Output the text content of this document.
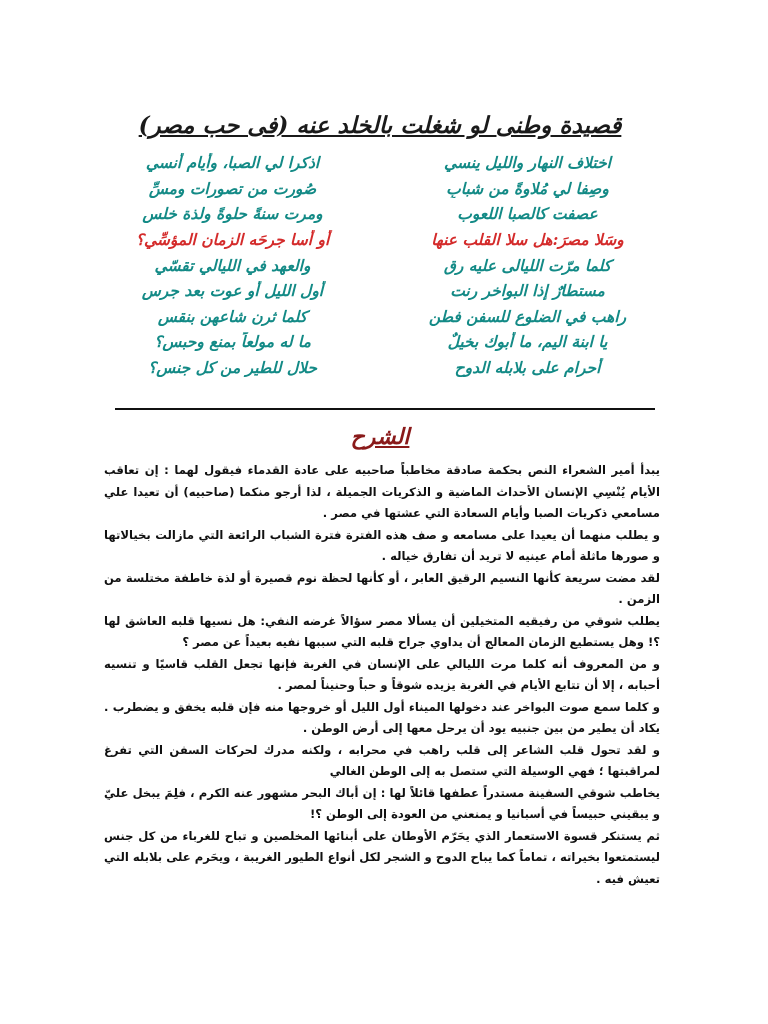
قصيدة وطنى لو شغلت بالخلد عنه (فى حب مصر)
اختلاف النهار والليل ينسي
اذكرا لي الصبا، وأيام أنسي
وصِفا لي مُلاوةً من شبابٍ
صُورت من تصورات ومسِّ
عصفت كالصبا اللعوب
ومرت سنةً حلوةً ولذة خلس
وسَلا مصرَ:هل سلا القلب عنها
أو أسا جرحَه الزمان المؤسِّي؟
كلما مرّت الليالى عليه رق
والعهد في الليالي تقسّي
مستطارٌ إذا البواخر رنت
أول الليل أو عوت بعد جرس
راهب في الضلوع للسفن فطن
كلما ثرن شاعهن بنقس
يا ابنة اليم، ما أبوك بخيلٌ
ما له مولعاً بمنع وحبس؟
أحرام على بلابله الدوح
حلال للطير من كل جنس؟
الشرح

يبدأ أمير الشعراء النص بحكمة صادقة مخاطباً صاحبيه على عادة القدماء فيقول لهما : إن تعاقب الأيام يُنْسِي الإنسان الأحداث الماضية و الذكريات الجميلة ، لذا أرجو منكما (صاحبيه) أن تعيدا علي مسامعي ذكريات الصبا وأيام السعادة التي عشتها في مصر .

و يطلب منهما أن يعيدا على مسامعه و صف هذه الفترة فترة الشباب الرائعة التي مازالت بخيالاتها و صورها ماثلة أمام عينيه لا تريد أن تفارق خياله .

لقد مضت سريعة كأنها النسيم الرقيق العابر ، أو كأنها لحظة نوم قصيرة أو لذة خاطفة مختلسة من الزمن .

يطلب شوقي من رفيقيه المتخيلين أن يسألا مصر سؤالاً غرضه النفي: هل نسيها قلبه العاشق لها ؟! وهل يستطيع الزمان المعالج أن يداوي جراح قلبه التي سببها نفيه بعيداً عن مصر ؟

و من المعروف أنه كلما مرت الليالي على الإنسان في الغربة فإنها تجعل القلب قاسيًا و تنسيه أحبابه ، إلا أن تتابع الأيام في الغربة يزيده شوقاً و حباً وحنيناً لمصر .

و كلما سمع صوت البواخر عند دخولها الميناء أول الليل أو خروجها منه فإن قلبه يخفق و يضطرب . يكاد أن يطير من بين جنبيه يود أن يرحل معها إلى أرض الوطن .

و لقد تحول قلب الشاعر إلى قلب راهب في محرابه ، ولكنه مدرك لحركات السفن التي تفرغ لمراقبتها ؛ فهي الوسيلة التي ستصل به إلى الوطن الغالي

يخاطب شوقي السفينة مستدراً عطفها قائلاً لها : إن أباك البحر مشهور عنه الكرم ، فلِمَ يبخل عليّ و يبقيني حبيساً في أسبانيا و يمنعني من العودة إلى الوطن ؟!

ثم يستنكر قسوة الاستعمار الذي يحَرّم الأوطان على أبنائها المخلصين و تباح للغرباء من كل جنس ليستمتعوا بخيراته ، تماماً كما يباح الدوح و الشجر لكل أنواع الطيور الغريبة ، ويحَرم على بلابله التي تعيش فيه .
